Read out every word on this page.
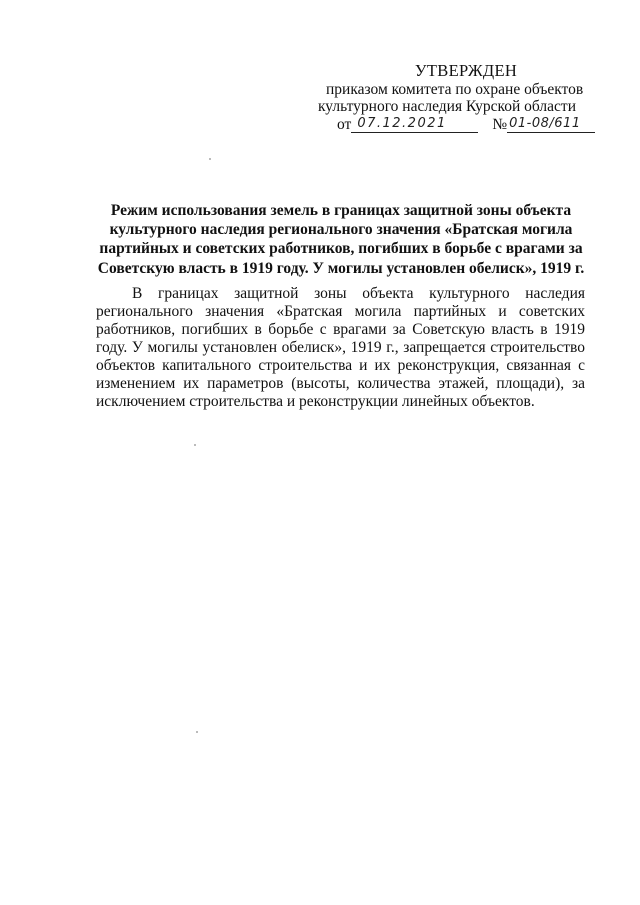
УТВЕРЖДЕН
приказом комитета по охране объектов
культурного наследия Курской области
от 07.12.2021	№ 01-08/611
Режим использования земель в границах защитной зоны объекта культурного наследия регионального значения «Братская могила партийных и советских работников, погибших в борьбе с врагами за Советскую власть в 1919 году. У могилы установлен обелиск», 1919 г.
В границах защитной зоны объекта культурного наследия регионального значения «Братская могила партийных и советских работников, погибших в борьбе с врагами за Советскую власть в 1919 году. У могилы установлен обелиск», 1919 г., запрещается строительство объектов капитального строительства и их реконструкция, связанная с изменением их параметров (высоты, количества этажей, площади), за исключением строительства и реконструкции линейных объектов.
